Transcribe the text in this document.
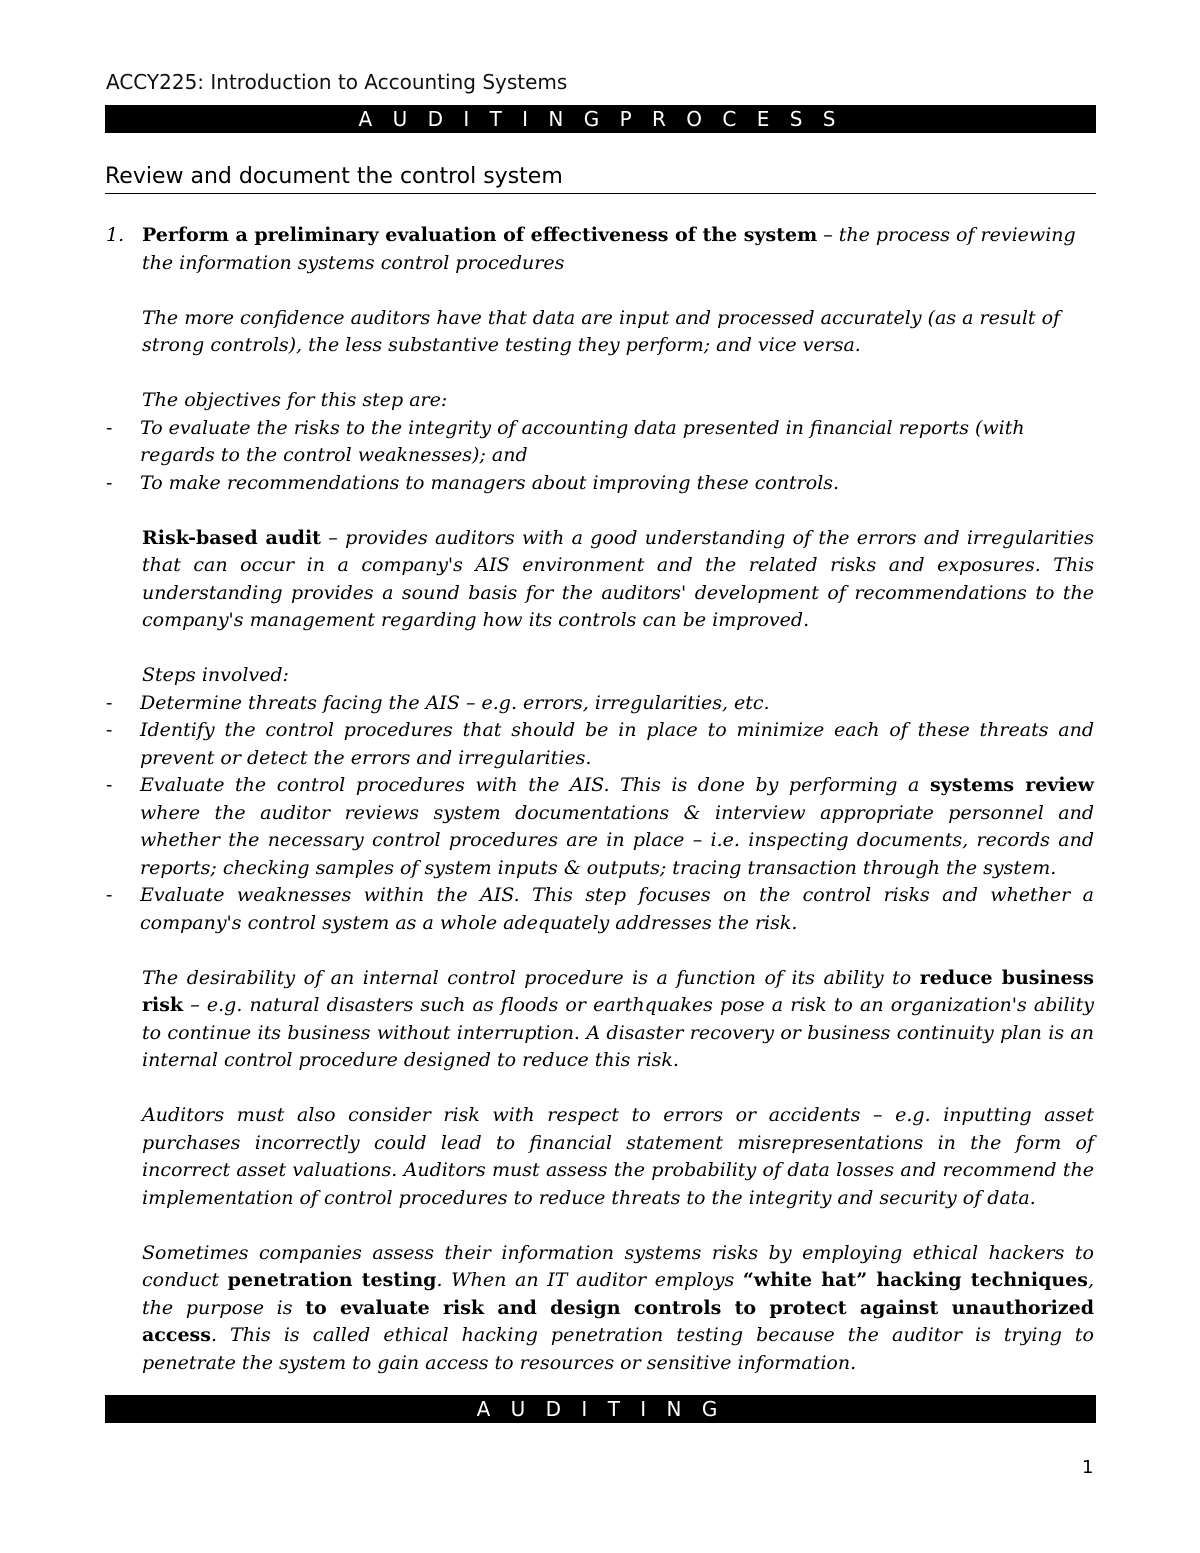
ACCY225: Introduction to Accounting Systems
A U D I T I N G P R O C E S S
Review and document the control system
1. Perform a preliminary evaluation of effectiveness of the system – the process of reviewing the information systems control procedures

The more confidence auditors have that data are input and processed accurately (as a result of strong controls), the less substantive testing they perform; and vice versa.

The objectives for this step are:

-	To evaluate the risks to the integrity of accounting data presented in financial reports (with regards to the control weaknesses); and
-	To make recommendations to managers about improving these controls.

Risk-based audit – provides auditors with a good understanding of the errors and irregularities that can occur in a company's AIS environment and the related risks and exposures. This understanding provides a sound basis for the auditors' development of recommendations to the company's management regarding how its controls can be improved.

Steps involved:

-	Determine threats facing the AIS – e.g. errors, irregularities, etc.
-	Identify the control procedures that should be in place to minimize each of these threats and prevent or detect the errors and irregularities.
-	Evaluate the control procedures with the AIS. This is done by performing a systems review where the auditor reviews system documentations & interview appropriate personnel and whether the necessary control procedures are in place – i.e. inspecting documents, records and reports; checking samples of system inputs & outputs; tracing transaction through the system.
-	Evaluate weaknesses within the AIS. This step focuses on the control risks and whether a company's control system as a whole adequately addresses the risk.

The desirability of an internal control procedure is a function of its ability to reduce business risk – e.g. natural disasters such as floods or earthquakes pose a risk to an organization's ability to continue its business without interruption. A disaster recovery or business continuity plan is an internal control procedure designed to reduce this risk.

Auditors must also consider risk with respect to errors or accidents – e.g. inputting asset purchases incorrectly could lead to financial statement misrepresentations in the form of incorrect asset valuations. Auditors must assess the probability of data losses and recommend the implementation of control procedures to reduce threats to the integrity and security of data.

Sometimes companies assess their information systems risks by employing ethical hackers to conduct penetration testing. When an IT auditor employs “white hat” hacking techniques, the purpose is to evaluate risk and design controls to protect against unauthorized access. This is called ethical hacking penetration testing because the auditor is trying to penetrate the system to gain access to resources or sensitive information.

A U D I T I N G
1
